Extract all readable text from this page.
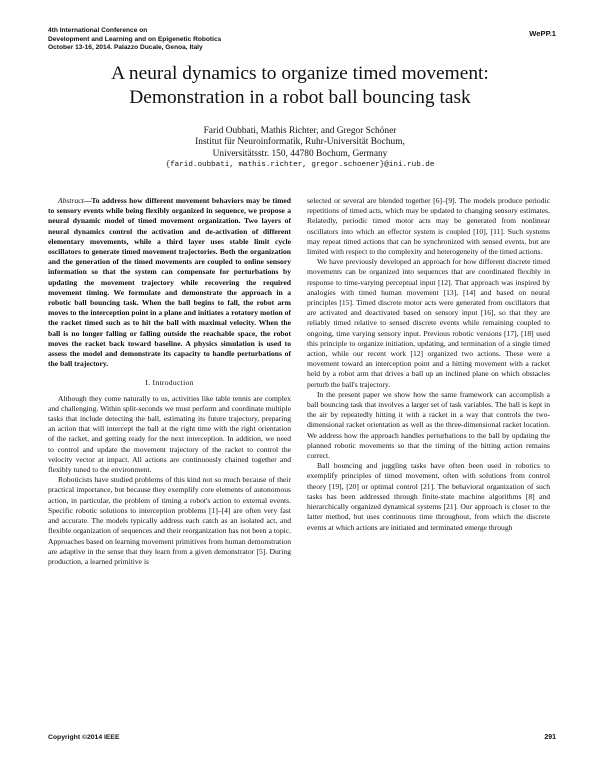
4th International Conference on
Development and Learning and on Epigenetic Robotics
October 13-16, 2014. Palazzo Ducale, Genoa, Italy
WePP.1
A neural dynamics to organize timed movement:
Demonstration in a robot ball bouncing task
Farid Oubbati, Mathis Richter, and Gregor Schöner
Institut für Neuroinformatik, Ruhr-Universität Bochum,
Universitätsstr. 150, 44780 Bochum, Germany
{farid.oubbati, mathis.richter, gregor.schoener}@ini.rub.de

Abstract—To address how different movement behaviors may be timed to sensory events while being flexibly organized in sequence, we propose a neural dynamic model of timed movement organization. Two layers of neural dynamics control the activation and de-activation of different elementary movements, while a third layer uses stable limit cycle oscillators to generate timed movement trajectories. Both the organization and the generation of the timed movements are coupled to online sensory information so that the system can compensate for perturbations by updating the movement trajectory while recovering the required movement timing. We formulate and demonstrate the approach in a robotic ball bouncing task. When the ball begins to fall, the robot arm moves to the interception point in a plane and initiates a rotatory motion of the racket timed such as to hit the ball with maximal velocity. When the ball is no longer falling or falling outside the reachable space, the robot moves the racket back toward baseline. A physics simulation is used to assess the model and demonstrate its capacity to handle perturbations of the ball trajectory.

I. Introduction

Although they come naturally to us, activities like table tennis are complex and challenging. Within split-seconds we must perform and coordinate multiple tasks that include detecting the ball, estimating its future trajectory, preparing an action that will intercept the ball at the right time with the right orientation of the racket, and getting ready for the next interception. In addition, we need to control and update the movement trajectory of the racket to control the velocity vector at impact. All actions are continuously chained together and flexibly tuned to the environment.

Roboticists have studied problems of this kind not so much because of their practical importance, but because they exemplify core elements of autonomous action, in particular, the problem of timing a robot's action to external events. Specific robotic solutions to interception problems [1]–[4] are often very fast and accurate. The models typically address each catch as an isolated act, and flexible organization of sequences and their reorganization has not been a topic. Approaches based on learning movement primitives from human demonstration are adaptive in the sense that they learn from a given demonstrator [5]. During production, a learned primitive is

selected or several are blended together [6]–[9]. The models produce periodic repetitions of timed acts, which may be updated to changing sensory estimates. Relatedly, periodic timed motor acts may be generated from nonlinear oscillators into which an effector system is coupled [10], [11]. Such systems may repeat timed actions that can be synchronized with sensed events, but are limited with respect to the complexity and heterogeneity of the timed actions.

We have previously developed an approach for how different discrete timed movements can be organized into sequences that are coordinated flexibly in response to time-varying perceptual input [12]. That approach was inspired by analogies with timed human movement [13], [14] and based on neural principles [15]. Timed discrete motor acts were generated from oscillators that are activated and deactivated based on sensory input [16], so that they are reliably timed relative to sensed discrete events while remaining coupled to ongoing, time varying sensory input. Previous robotic versions [17], [18] used this principle to organize initiation, updating, and termination of a single timed action, while our recent work [12] organized two actions. These were a movement toward an interception point and a hitting movement with a racket held by a robot arm that drives a ball up an inclined plane on which obstacles perturb the ball's trajectory.

In the present paper we show how the same framework can accomplish a ball bouncing task that involves a larger set of task variables. The ball is kept in the air by repeatedly hitting it with a racket in a way that controls the two-dimensional racket orientation as well as the three-dimensional racket location. We address how the approach handles perturbations to the ball by updating the planned robotic movements so that the timing of the hitting action remains correct.

Ball bouncing and juggling tasks have often been used in robotics to exemplify principles of timed movement, often with solutions from control theory [19], [20] or optimal control [21]. The behavioral organization of such tasks has been addressed through finite-state machine algorithms [8] and hierarchically organized dynamical systems [21]. Our approach is closer to the latter method, but uses continuous time throughout, from which the discrete events at which actions are initiated and terminated emerge through

Copyright ©2014 IEEE	291
